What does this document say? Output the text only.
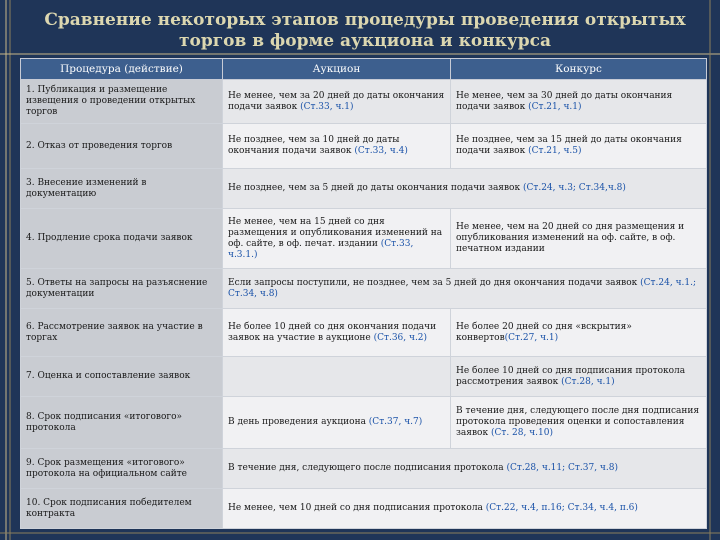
Сравнение некоторых этапов процедуры проведения открытых торгов в форме аукциона и конкурса
Процедура (действие)	Аукцион	Конкурс
1. Публикация и размещение извещения о проведении открытых торгов	Не менее, чем за 20 дней до даты окончания подачи заявок (Ст.33, ч.1)	Не менее, чем за 30 дней до даты окончания подачи заявок (Ст.21, ч.1)
2. Отказ от проведения торгов	Не позднее, чем за 10 дней до даты окончания подачи заявок (Ст.33, ч.4)	Не позднее, чем за 15 дней до даты окончания подачи заявок (Ст.21, ч.5)
3. Внесение изменений в документацию	Не позднее, чем за 5 дней до даты окончания подачи заявок (Ст.24, ч.3; Ст.34,ч.8)	
4. Продление срока подачи заявок	Не менее, чем на 15 дней со дня размещения и опубликования изменений на оф. сайте, в оф. печат. издании (Ст.33, ч.3.1.)	Не менее, чем на 20 дней со дня размещения и опубликования изменений на оф. сайте, в оф. печатном издании
5. Ответы на запросы на разъяснение документации	Если запросы поступили, не позднее, чем за 5 дней до дня окончания подачи заявок (Ст.24, ч.1.; Ст.34, ч.8)	
6. Рассмотрение заявок на участие в торгах	Не более 10 дней со дня окончания подачи заявок на участие в аукционе (Ст.36, ч.2)	Не более 20 дней со дня «вскрытия» конвертов(Ст.27, ч.1)
7. Оценка и сопоставление заявок		Не более 10 дней со дня подписания протокола рассмотрения заявок (Ст.28, ч.1)
8. Срок подписания «итогового» протокола	В день проведения аукциона (Ст.37, ч.7)	В течение дня, следующего после дня подписания протокола проведения оценки и сопоставления заявок (Ст. 28, ч.10)
9. Срок размещения «итогового» протокола на официальном сайте	В течение дня, следующего после подписания протокола (Ст.28, ч.11; Ст.37, ч.8)	
10. Срок подписания победителем контракта	Не менее, чем 10 дней со дня подписания протокола (Ст.22, ч.4, п.16; Ст.34, ч.4, п.6)	
